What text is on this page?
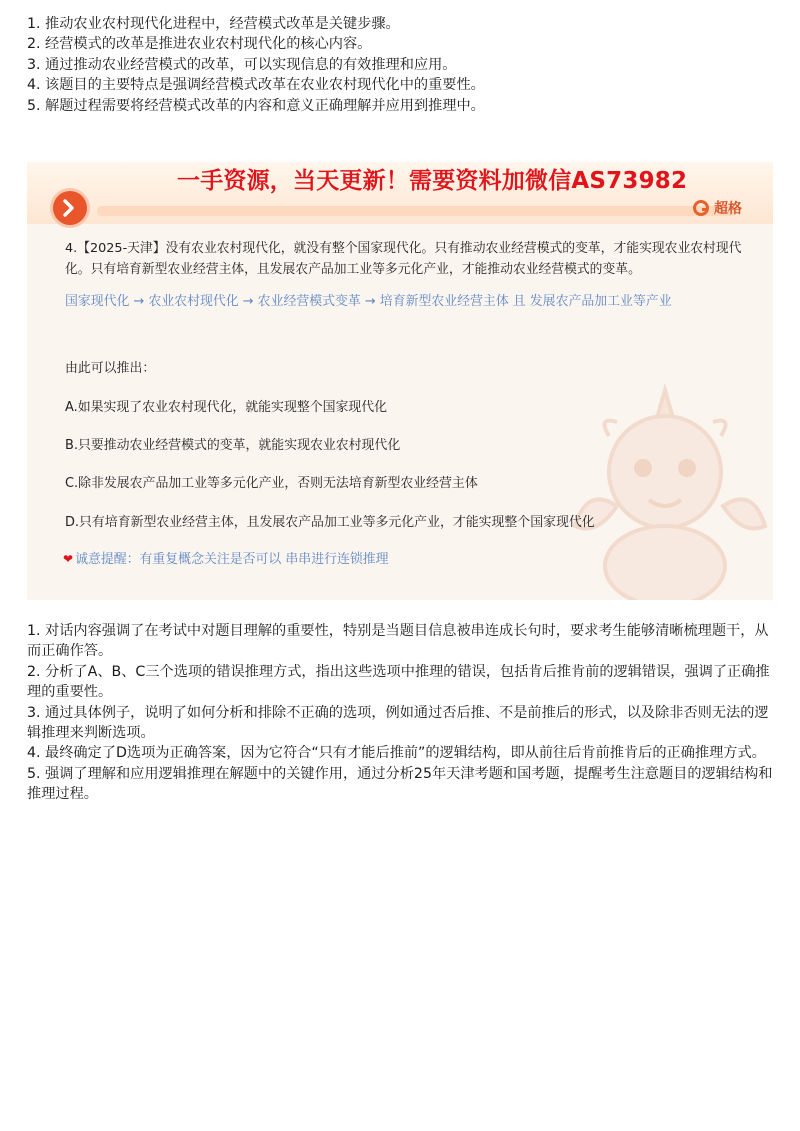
1. 推动农业农村现代化进程中，经营模式改革是关键步骤。

2. 经营模式的改革是推进农业农村现代化的核心内容。

3. 通过推动农业经营模式的改革，可以实现信息的有效推理和应用。

4. 该题目的主要特点是强调经营模式改革在农业农村现代化中的重要性。

5. 解题过程需要将经营模式改革的内容和意义正确理解并应用到推理中。

一手资源，当天更新！需要资料加微信AS73982
超格

4.【2025-天津】没有农业农村现代化，就没有整个国家现代化。只有推动农业经营模式的变革，才能实现农业农村现代化。只有培育新型农业经营主体，且发展农产品加工业等多元化产业，才能推动农业经营模式的变革。

国家现代化 → 农业农村现代化 → 农业经营模式变革 → 培育新型农业经营主体 且 发展农产品加工业等产业

由此可以推出：

A.如果实现了农业农村现代化，就能实现整个国家现代化

B.只要推动农业经营模式的变革，就能实现农业农村现代化

C.除非发展农产品加工业等多元化产业，否则无法培育新型农业经营主体

D.只有培育新型农业经营主体，且发展农产品加工业等多元化产业，才能实现整个国家现代化

❤ 诚意提醒：有重复概念关注是否可以 串串进行连锁推理

1. 对话内容强调了在考试中对题目理解的重要性，特别是当题目信息被串连成长句时，要求考生能够清晰梳理题干，从而正确作答。

2. 分析了A、B、C三个选项的错误推理方式，指出这些选项中推理的错误，包括肯后推肯前的逻辑错误，强调了正确推理的重要性。

3. 通过具体例子，说明了如何分析和排除不正确的选项，例如通过否后推、不是前推后的形式，以及除非否则无法的逻辑推理来判断选项。

4. 最终确定了D选项为正确答案，因为它符合“只有才能后推前”的逻辑结构，即从前往后肯前推肯后的正确推理方式。

5. 强调了理解和应用逻辑推理在解题中的关键作用，通过分析25年天津考题和国考题，提醒考生注意题目的逻辑结构和推理过程。
